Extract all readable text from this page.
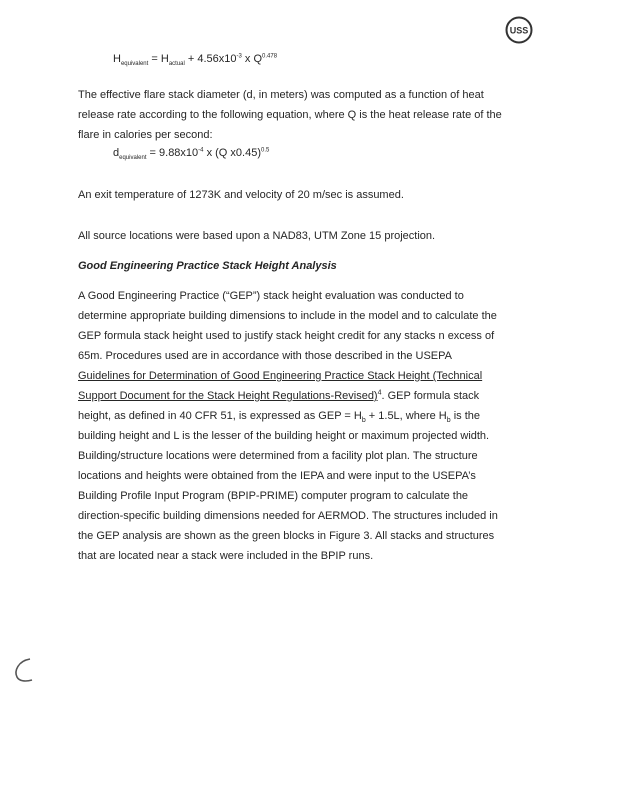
USS
$H_{equivalent} = H_{actual} + 4.56x10^{-3}$ x $Q^{0.478}$

The effective flare stack diameter (d, in meters) was computed as a function of heat
release rate according to the following equation, where Q is the heat release rate of the
flare in calories per second:

$d_{equivalent} = 9.88x10^{-4}$ x (Q x0.45)$^{0.5}$

An exit temperature of 1273K and velocity of 20 m/sec is assumed.

All source locations were based upon a NAD83, UTM Zone 15 projection.

Good Engineering Practice Stack Height Analysis

A Good Engineering Practice (“GEP”) stack height evaluation was conducted to
determine appropriate building dimensions to include in the model and to calculate the
GEP formula stack height used to justify stack height credit for any stacks n excess of
65m. Procedures used are in accordance with those described in the USEPA
Guidelines for Determination of Good Engineering Practice Stack Height (Technical
Support Document for the Stack Height Regulations-Revised)$^4$. GEP formula stack
height, as defined in 40 CFR 51, is expressed as GEP = $H_b + 1.5L$, where $H_b$ is the
building height and L is the lesser of the building height or maximum projected width.
Building/structure locations were determined from a facility plot plan. The structure
locations and heights were obtained from the IEPA and were input to the USEPA’s
Building Profile Input Program (BPIP-PRIME) computer program to calculate the
direction-specific building dimensions needed for AERMOD. The structures included in
the GEP analysis are shown as the green blocks in Figure 3. All stacks and structures
that are located near a stack were included in the BPIP runs.
